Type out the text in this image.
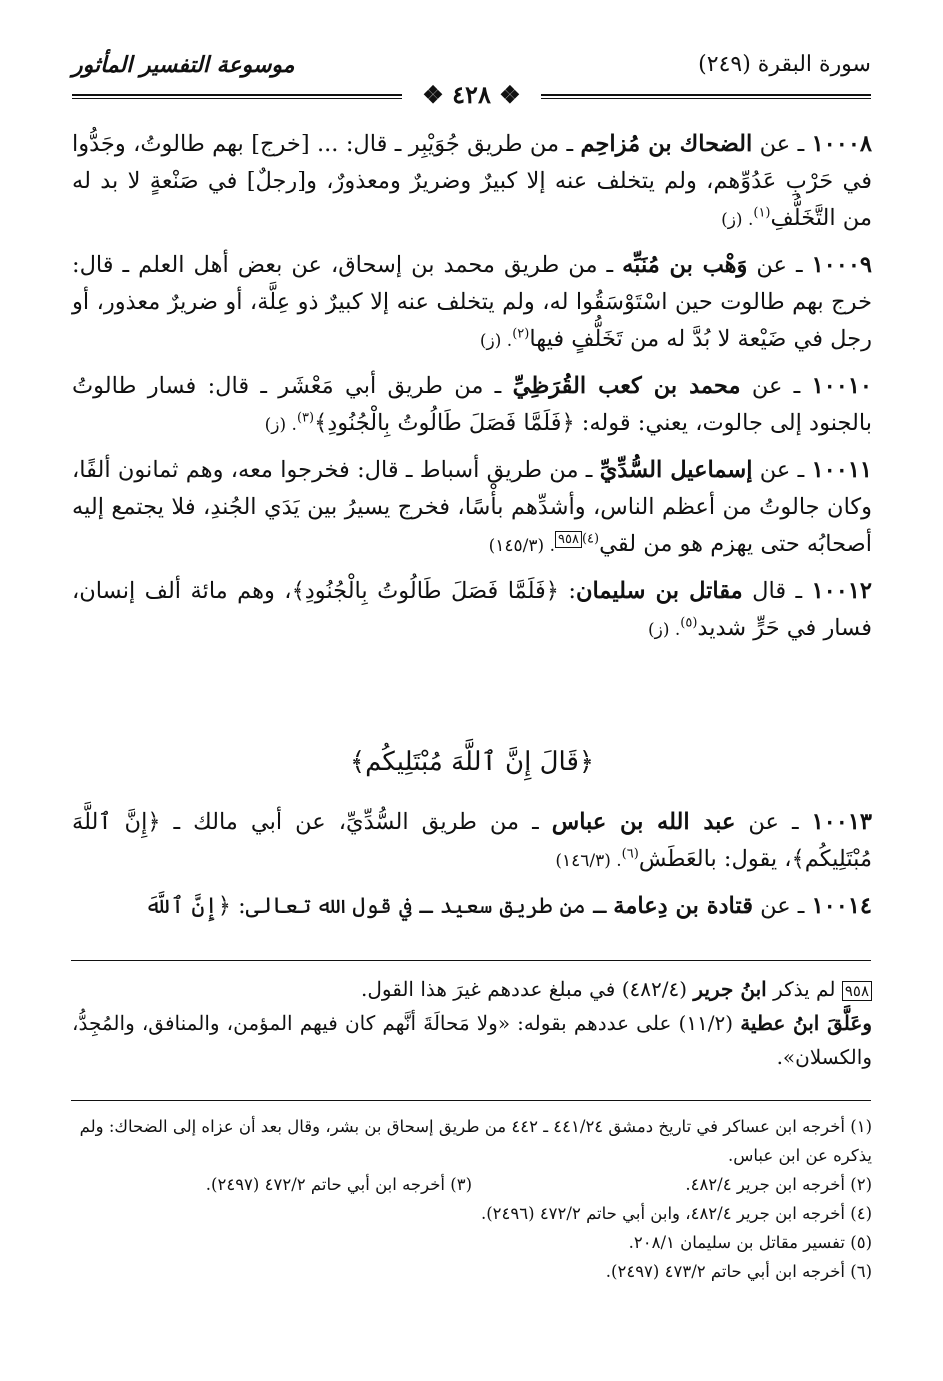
سورة البقرة (٢٤٩)
موسوعة التفسير المأثور
❖ ٤٢٨ ❖

١٠٠٠٨ ـ عن الضحاك بن مُزاحِم ـ من طريق جُوَيْبِر ـ قال: ... [خرج] بهم طالوتُ، وجَدُّوا في حَرْبِ عَدُوِّهم، ولم يتخلف عنه إلا كبيرٌ وضريرٌ ومعذورٌ، و[رجلٌ] في صَنْعةٍ لا بد له من التَّخَلُّفِ$^{(١)}$. (ز)

١٠٠٠٩ ـ عن وَهْب بن مُنَبِّه ـ من طريق محمد بن إسحاق، عن بعض أهل العلم ـ قال: خرج بهم طالوت حين اسْتَوْسَقُوا له، ولم يتخلف عنه إلا كبيرٌ ذو عِلَّة، أو ضريرٌ معذور، أو رجل في ضَيْعة لا بُدَّ له من تَخَلُّفٍ فيها$^{(٢)}$. (ز)

١٠٠١٠ ـ عن محمد بن كعب القُرَظِيِّ ـ من طريق أبي مَعْشَر ـ قال: فسار طالوتُ بالجنود إلى جالوت، يعني: قوله: ﴿فَلَمَّا فَصَلَ طَالُوتُ بِالْجُنُودِ﴾$^{(٣)}$. (ز)

١٠٠١١ ـ عن إسماعيل السُّدِّيِّ ـ من طريق أسباط ـ قال: فخرجوا معه، وهم ثمانون ألفًا، وكان جالوتُ من أعظم الناس، وأشدِّهم بأْسًا، فخرج يسيرُ بين يَدَي الجُندِ، فلا يجتمع إليه أصحابُه حتى يهزم هو من لقي$^{(٤)٩٥٨}$. (١٤٥/٣)

١٠٠١٢ ـ قال مقاتل بن سليمان: ﴿فَلَمَّا فَصَلَ طَالُوتُ بِالْجُنُودِ﴾، وهم مائة ألف إنسان، فسار في حَرٍّ شديد$^{(٥)}$. (ز)

﴿قَالَ إِنَّ ٱللَّهَ مُبْتَلِيكُم﴾

١٠٠١٣ ـ عن عبد الله بن عباس ـ من طريق السُّدِّيِّ، عن أبي مالك ـ ﴿إِنَّ ٱللَّهَ مُبْتَلِيكُم﴾، يقول: بالعَطَش$^{(٦)}$. (١٤٦/٣)

١٠٠١٤ ـ عن قتادة بن دِعامة ـ من طريق سعيد ـ في قول الله تعالى: ﴿إِنَّ ٱللَّهَ

٩٥٨ لم يذكر ابنُ جرير (٤٨٢/٤) في مبلغ عددهم غيرَ هذا القول.

وعَلَّقَ ابنُ عطية (١١/٢) على عددهم بقوله: «ولا مَحالَةَ أنَّهم كان فيهم المؤمن، والمنافق، والمُجِدُّ، والكسلان».

(١) أخرجه ابن عساكر في تاريخ دمشق ٤٤١/٢٤ ـ ٤٤٢ من طريق إسحاق بن بشر، وقال بعد أن عزاه إلى الضحاك: ولم يذكره عن ابن عباس.

(٢) أخرجه ابن جرير ٤٨٢/٤.
(٣) أخرجه ابن أبي حاتم ٤٧٢/٢ (٢٤٩٧).

(٤) أخرجه ابن جرير ٤٨٢/٤، وابن أبي حاتم ٤٧٢/٢ (٢٤٩٦).

(٥) تفسير مقاتل بن سليمان ٢٠٨/١.

(٦) أخرجه ابن أبي حاتم ٤٧٣/٢ (٢٤٩٧).
